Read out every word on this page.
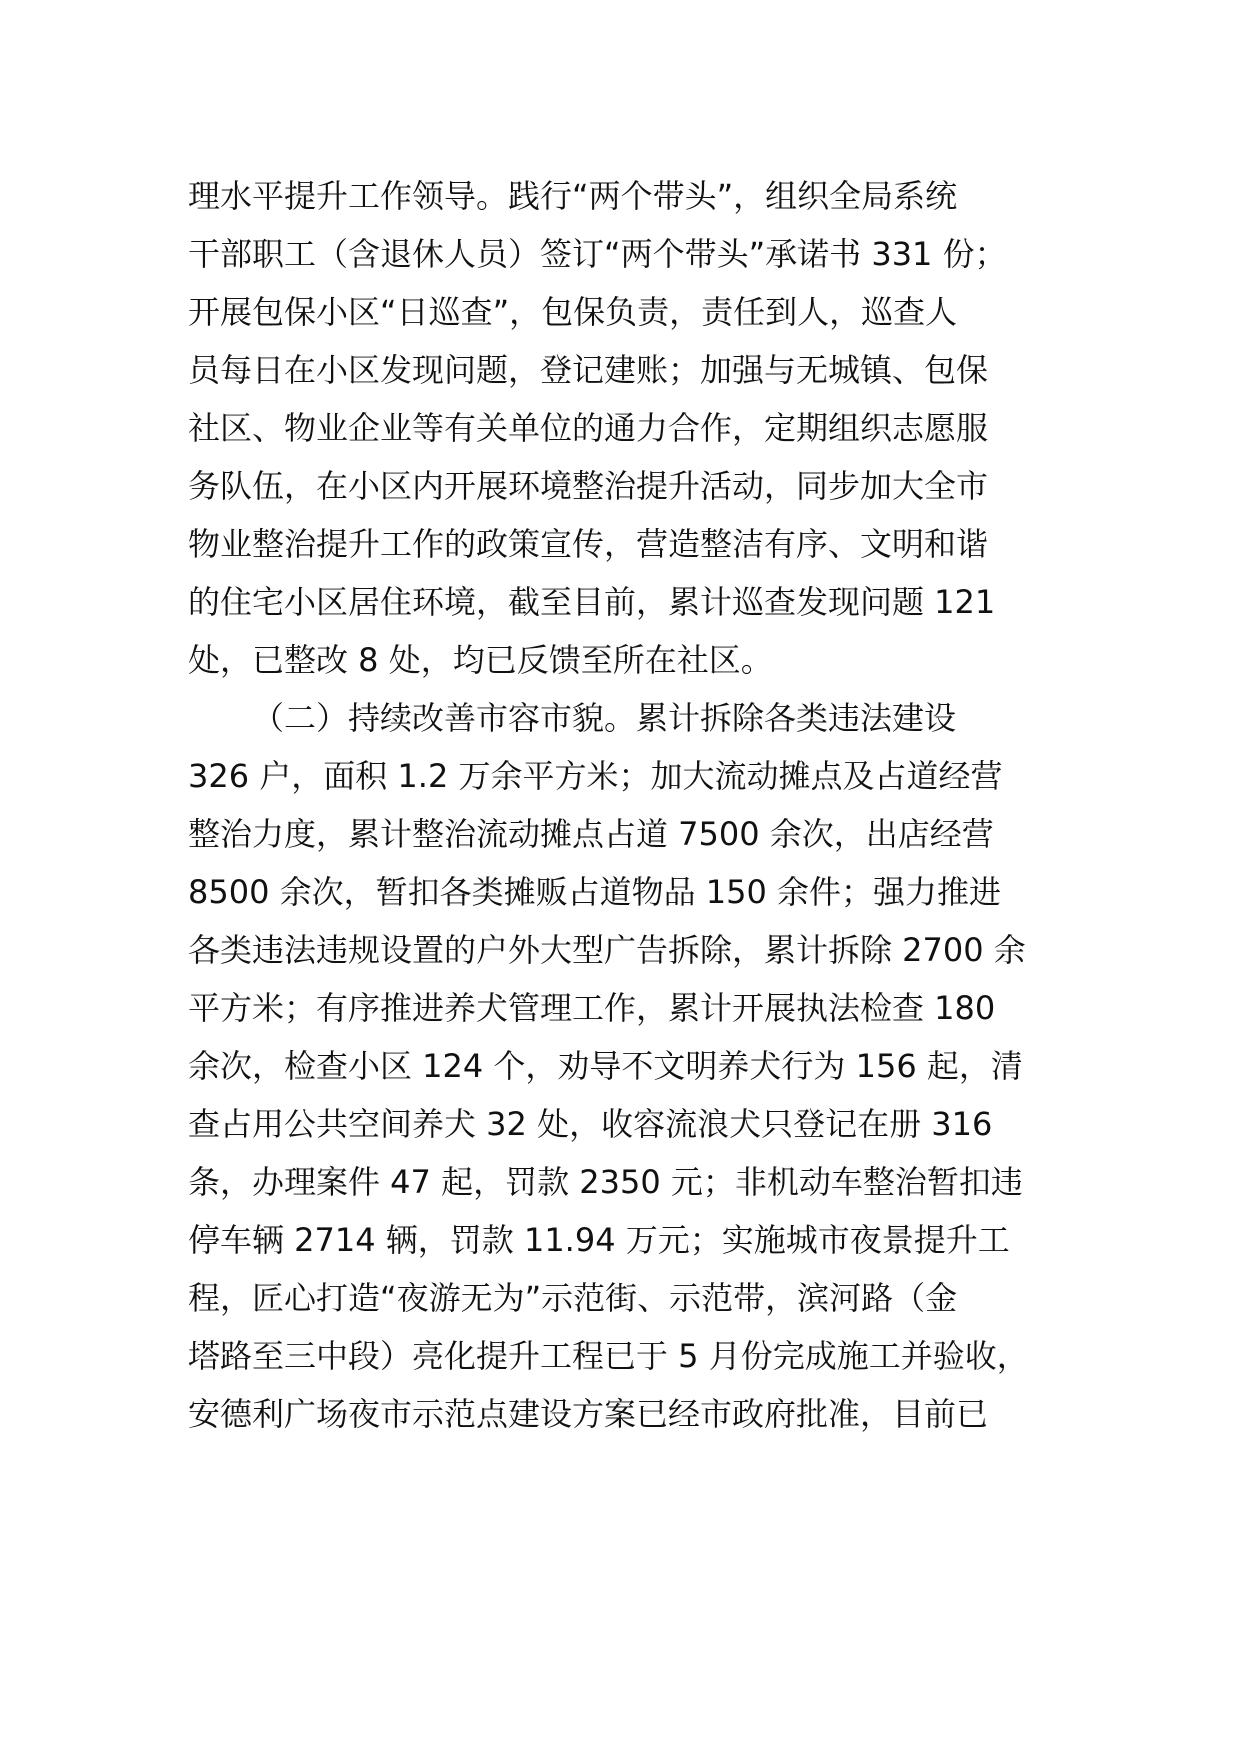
理水平提升工作领导。践行“两个带头”，组织全局系统
干部职工（含退休人员）签订“两个带头”承诺书 331 份；
开展包保小区“日巡查”，包保负责，责任到人，巡查人
员每日在小区发现问题，登记建账；加强与无城镇、包保
社区、物业企业等有关单位的通力合作，定期组织志愿服
务队伍，在小区内开展环境整治提升活动，同步加大全市
物业整治提升工作的政策宣传，营造整洁有序、文明和谐
的住宅小区居住环境，截至目前，累计巡查发现问题 121
处，已整改 8 处，均已反馈至所在社区。
（二）持续改善市容市貌。累计拆除各类违法建设
326 户，面积 1.2 万余平方米；加大流动摊点及占道经营
整治力度，累计整治流动摊点占道 7500 余次，出店经营
8500 余次，暂扣各类摊贩占道物品 150 余件；强力推进
各类违法违规设置的户外大型广告拆除，累计拆除 2700 余
平方米；有序推进养犬管理工作，累计开展执法检查 180
余次，检查小区 124 个，劝导不文明养犬行为 156 起，清
查占用公共空间养犬 32 处，收容流浪犬只登记在册 316
条，办理案件 47 起，罚款 2350 元；非机动车整治暂扣违
停车辆 2714 辆，罚款 11.94 万元；实施城市夜景提升工
程，匠心打造“夜游无为”示范街、示范带，滨河路（金
塔路至三中段）亮化提升工程已于 5 月份完成施工并验收，
安德利广场夜市示范点建设方案已经市政府批准，目前已
